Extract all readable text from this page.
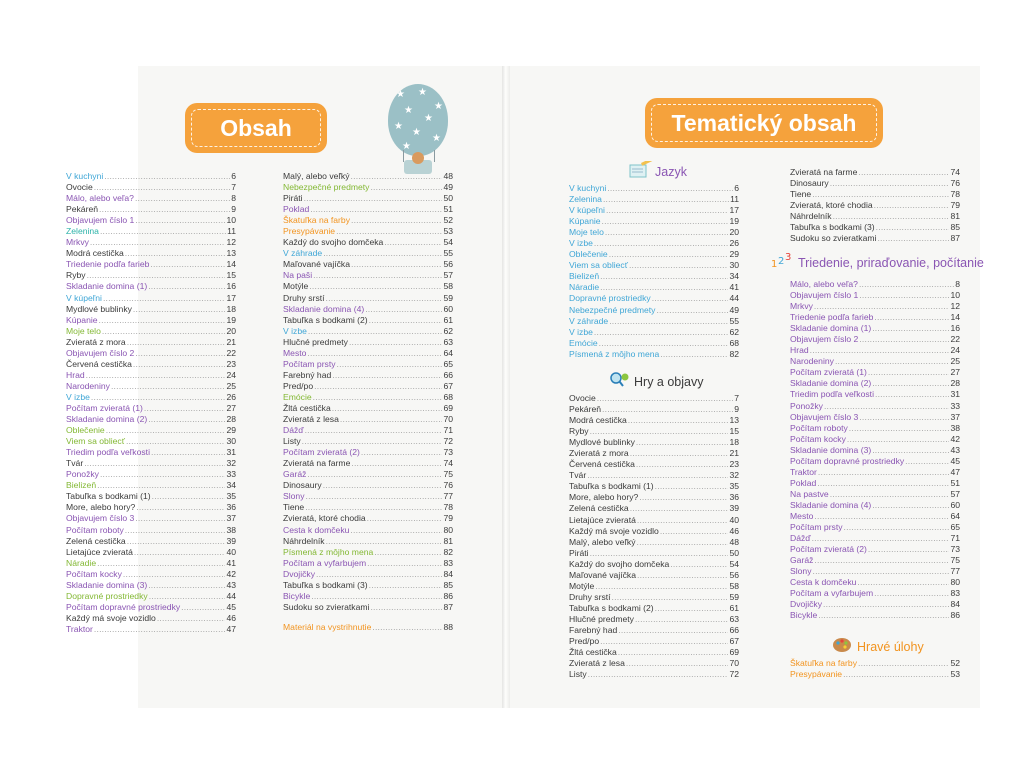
Obsah	Tematický obsah
★ ★
★
★
★
★
★
★
★
V kuchyni .....	6
Ovocie .....	7
Málo, alebo veľa? .....	8
Pekáreň .....	9
Objavujem číslo 1 .....	10
Zelenina .....	11
Mrkvy .....	12
Modrá cestička .....	13
Triedenie podľa farieb .....	14
Ryby .....	15
Skladanie domina (1) .....	16
V kúpeľni .....	17
Mydlové bublinky .....	18
Kúpanie .....	19
Moje telo .....	20
Zvieratá z mora .....	21
Objavujem číslo 2 .....	22
Červená cestička .....	23
Hrad .....	24
Narodeniny .....	25
V izbe .....	26
Počítam zvieratá (1) .....	27
Skladanie domina (2) .....	28
Oblečenie .....	29
Viem sa obliecť .....	30
Triedim podľa veľkosti .....	31
Tvár .....	32
Ponožky .....	33
Bielizeň .....	34
Tabuľka s bodkami (1) .....	35
More, alebo hory? .....	36
Objavujem číslo 3 .....	37
Počítam roboty .....	38
Zelená cestička .....	39
Lietajúce zvieratá .....	40
Náradie .....	41
Počítam kocky .....	42
Skladanie domina (3) .....	43
Dopravné prostriedky .....	44
Počítam dopravné prostriedky .....	45
Každý má svoje vozidlo .....	46
Traktor .....	47
Malý, alebo veľký .....	48
Nebezpečné predmety .....	49
Piráti .....	50
Poklad .....	51
Škatuľka na farby .....	52
Presypávanie .....	53
Každý do svojho domčeka .....	54
V záhrade .....	55
Maľované vajíčka .....	56
Na paši .....	57
Motýle .....	58
Druhy srstí .....	59
Skladanie domina (4) .....	60
Tabuľka s bodkami (2) .....	61
V izbe .....	62
Hlučné predmety .....	63
Mesto .....	64
Počítam prsty .....	65
Farebný had .....	66
Pred/po .....	67
Emócie .....	68
Žltá cestička .....	69
Zvieratá z lesa .....	70
Dážď .....	71
Listy .....	72
Počítam zvieratá (2) .....	73
Zvieratá na farme .....	74
Garáž .....	75
Dinosaury .....	76
Slony .....	77
Tiene .....	78
Zvieratá, ktoré chodia .....	79
Cesta k domčeku .....	80
Náhrdelník .....	81
Písmená z môjho mena .....	82
Počítam a vyfarbujem .....	83
Dvojičky .....	84
Tabuľka s bodkami (3) .....	85
Bicykle .....	86
Sudoku so zvieratkami .....	87
Materiál na vystrihnutie .....	88
Jazyk
V kuchyni .....	6
Zelenina .....	11
V kúpeľni .....	17
Kúpanie .....	19
Moje telo .....	20
V izbe .....	26
Oblečenie .....	29
Viem sa obliecť .....	30
Bielizeň .....	34
Náradie .....	41
Dopravné prostriedky .....	44
Nebezpečné predmety .....	49
V záhrade .....	55
V izbe .....	62
Emócie .....	68
Písmená z môjho mena .....	82
Hry a objavy
Ovocie .....	7
Pekáreň .....	9
Modrá cestička .....	13
Ryby .....	15
Mydlové bublinky .....	18
Zvieratá z mora .....	21
Červená cestička .....	23
Tvár .....	32
Tabuľka s bodkami (1) .....	35
More, alebo hory? .....	36
Zelená cestička .....	39
Lietajúce zvieratá .....	40
Každý má svoje vozidlo .....	46
Malý, alebo veľký .....	48
Piráti .....	50
Každý do svojho domčeka .....	54
Maľované vajíčka .....	56
Motýle .....	58
Druhy srstí .....	59
Tabuľka s bodkami (2) .....	61
Hlučné predmety .....	63
Farebný had .....	66
Pred/po .....	67
Žltá cestička .....	69
Zvieratá z lesa .....	70
Listy .....	72
Zvieratá na farme .....	74
Dinosaury .....	76
Tiene .....	78
Zvieratá, ktoré chodia .....	79
Náhrdelník .....	81
Tabuľka s bodkami (3) .....	85
Sudoku so zvieratkami .....	87
1 2 3 Triedenie, priraďovanie, počítanie
Málo, alebo veľa? .....	8
Objavujem číslo 1 .....	10
Mrkvy .....	12
Triedenie podľa farieb .....	14
Skladanie domina (1) .....	16
Objavujem číslo 2 .....	22
Hrad .....	24
Narodeniny .....	25
Počítam zvieratá (1) .....	27
Skladanie domina (2) .....	28
Triedim podľa veľkosti .....	31
Ponožky .....	33
Objavujem číslo 3 .....	37
Počítam roboty .....	38
Počítam kocky .....	42
Skladanie domina (3) .....	43
Počítam dopravné prostriedky .....	45
Traktor .....	47
Poklad .....	51
Na pastve .....	57
Skladanie domina (4) .....	60
Mesto .....	64
Počítam prsty .....	65
Dážď .....	71
Počítam zvieratá (2) .....	73
Garáž .....	75
Slony .....	77
Cesta k domčeku .....	80
Počítam a vyfarbujem .....	83
Dvojičky .....	84
Bicykle .....	86
Hravé úlohy
Škatuľka na farby .....	52
Presypávanie .....	53
